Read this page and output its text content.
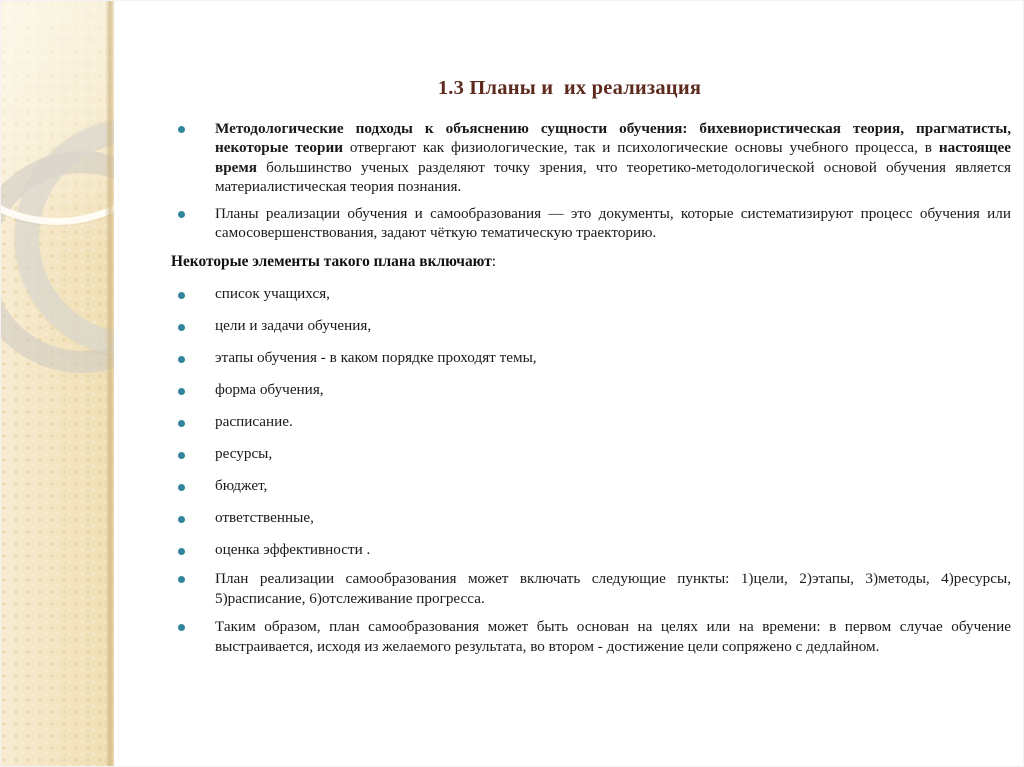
1.3 Планы и  их реализация
Методологические подходы к объяснению сущности обучения: бихевиористическая теория, прагматисты, некоторые теории отвергают как физиологические, так и психологические основы учебного процесса, в настоящее время большинство ученых разделяют точку зрения, что теоретико-методологической основой обучения является материалистическая теория познания.
Планы реализации обучения и самообразования — это документы, которые систематизируют процесс обучения или самосовершенствования, задают чёткую тематическую траекторию.
Некоторые элементы такого плана включают:
список учащихся,
цели и задачи обучения,
этапы обучения - в каком порядке проходят темы,
форма обучения,
расписание.
ресурсы,
бюджет,
ответственные,
оценка эффективности .
План реализации самообразования может включать следующие пункты: 1)цели, 2)этапы, 3)методы, 4)ресурсы, 5)расписание, 6)отслеживание прогресса.
Таким образом, план самообразования может быть основан на целях или на времени: в первом случае обучение выстраивается, исходя из желаемого результата, во втором - достижение цели сопряжено с дедлайном.
